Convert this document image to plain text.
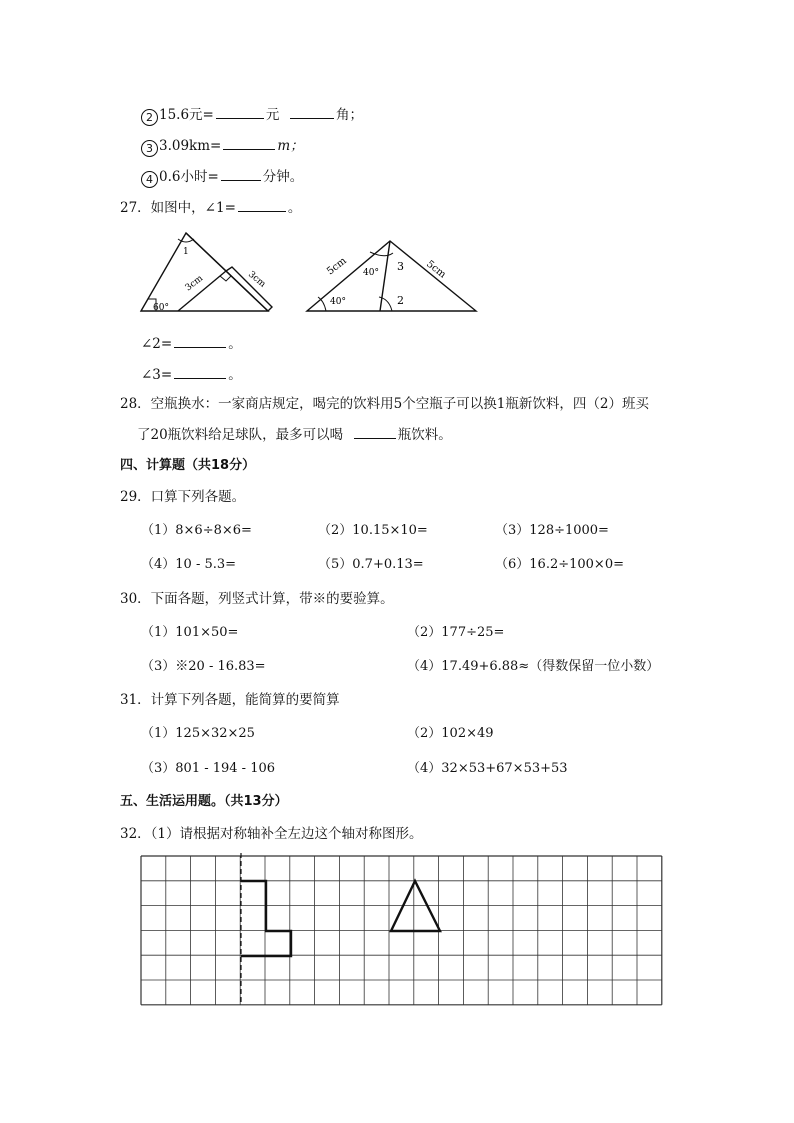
2 15.6元=	元	角；
3 3.09km=	m；
4 0.6小时=	分钟。
27．如图中，∠1=	。
1
3cm	3cm
60°
5cm	5cm
40°
40°
3
2
∠2=	。
∠3=	。
28．空瓶换水：一家商店规定，喝完的饮料用5个空瓶子可以换1瓶新饮料，四（2）班买
了20瓶饮料给足球队，最多可以喝	瓶饮料。
四、计算题（共18分）
29．口算下列各题。
（1）8×6÷8×6=	（2）10.15×10=	（3）128÷1000=
（4）10 - 5.3=	（5）0.7+0.13=	（6）16.2÷100×0=
30．下面各题，列竖式计算，带※的要验算。
（1）101×50=	（2）177÷25=
（3）※20 - 16.83=	（4）17.49+6.88≈（得数保留一位小数）
31．计算下列各题，能简算的要简算
（1）125×32×25	（2）102×49
（3）801 - 194 - 106	（4）32×53+67×53+53
五、生活运用题。（共13分）
32．（1）请根据对称轴补全左边这个轴对称图形。
